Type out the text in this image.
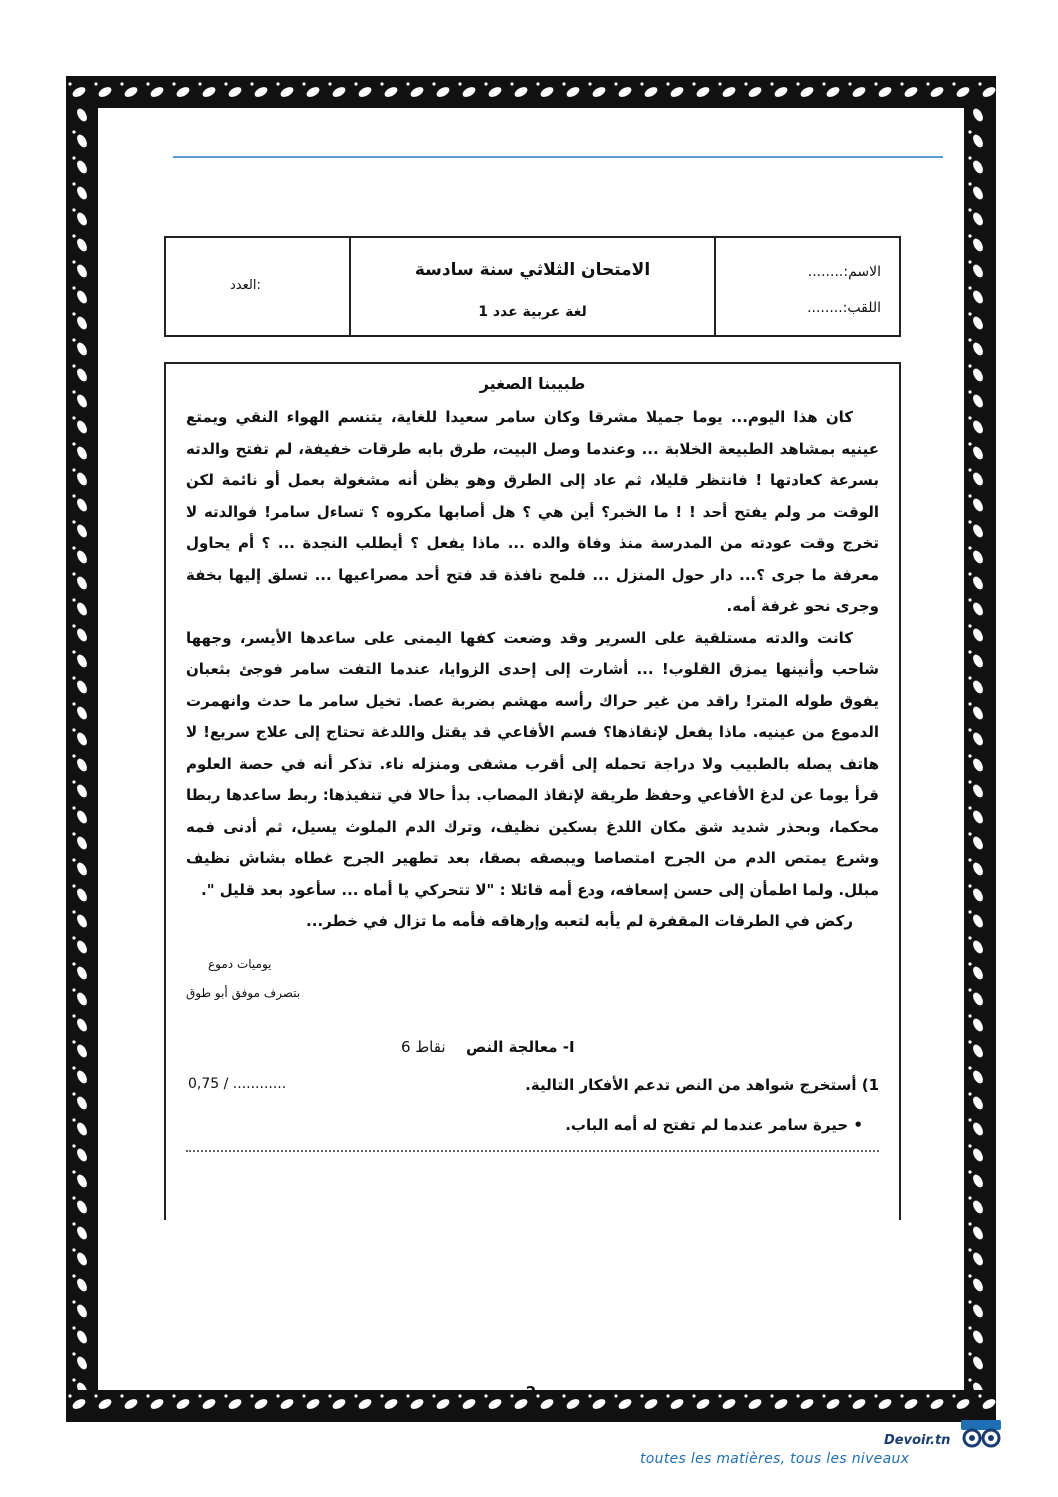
العدد:
الامتحان الثلاثي سنة سادسة
لغة عربية عدد 1
الاسم:........
اللقب:........
طبيبنا الصغير

كان هذا اليوم... يوما جميلا مشرقا وكان سامر سعيدا للغاية، يتنسم الهواء النقي ويمتع عينيه بمشاهد الطبيعة الخلابة ... وعندما وصل البيت، طرق بابه طرقات خفيفة، لم تفتح والدته بسرعة كعادتها ! فانتظر قليلا، ثم عاد إلى الطرق وهو يظن أنه مشغولة بعمل أو نائمة لكن الوقت مر ولم يفتح أحد ! ! ما الخبر؟ أين هي ؟ هل أصابها مكروه ؟ تساءل سامر! فوالدته لا تخرج وقت عودته من المدرسة منذ وفاة والده ... ماذا يفعل ؟ أيطلب النجدة ... ؟ أم يحاول معرفة ما جرى ؟... دار حول المنزل ... فلمح نافذة قد فتح أحد مصراعيها ... تسلق إليها بخفة وجرى نحو غرفة أمه.

كانت والدته مستلقية على السرير وقد وضعت كفها اليمنى على ساعدها الأيسر، وجهها شاحب وأنينها يمزق القلوب! ... أشارت إلى إحدى الزوايا، عندما التفت سامر فوجئ بثعبان يفوق طوله المتر! راقد من غير حراك رأسه مهشم بضربة عصا. تخيل سامر ما حدث وانهمرت الدموع من عينيه. ماذا يفعل لإنقاذها؟ فسم الأفاعي قد يقتل واللدغة تحتاج إلى علاج سريع! لا هاتف يصله بالطبيب ولا دراجة تحمله إلى أقرب مشفى ومنزله ناء. تذكر أنه في حصة العلوم قرأ يوما عن لدغ الأفاعي وحفظ طريقة لإنقاذ المصاب. بدأ حالا في تنفيذها: ربط ساعدها ربطا محكما، وبحذر شديد شق مكان اللدغ بسكين نظيف، وترك الدم الملوث يسيل، ثم أدنى فمه وشرع يمتص الدم من الجرح امتصاصا ويبصقه بصقا، بعد تطهير الجرح غطاه بشاش نظيف مبلل. ولما اطمأن إلى حسن إسعافه، ودع أمه قائلا : "لا تتحركي يا أماه ... سأعود بعد قليل ".

ركض في الطرقات المقفرة لم يأبه لتعبه وإرهاقه فأمه ما تزال في خطر...

يوميات دموع
بتصرف موفق أبو طوق
I- معالجة النص
6 نقاط
1) أستخرج شواهد من النص تدعم الأفكار التالية.
0,75 / ............
• حيرة سامر عندما لم تفتح له أمه الباب.
2
Devoir.tn
toutes les matières, tous les niveaux
